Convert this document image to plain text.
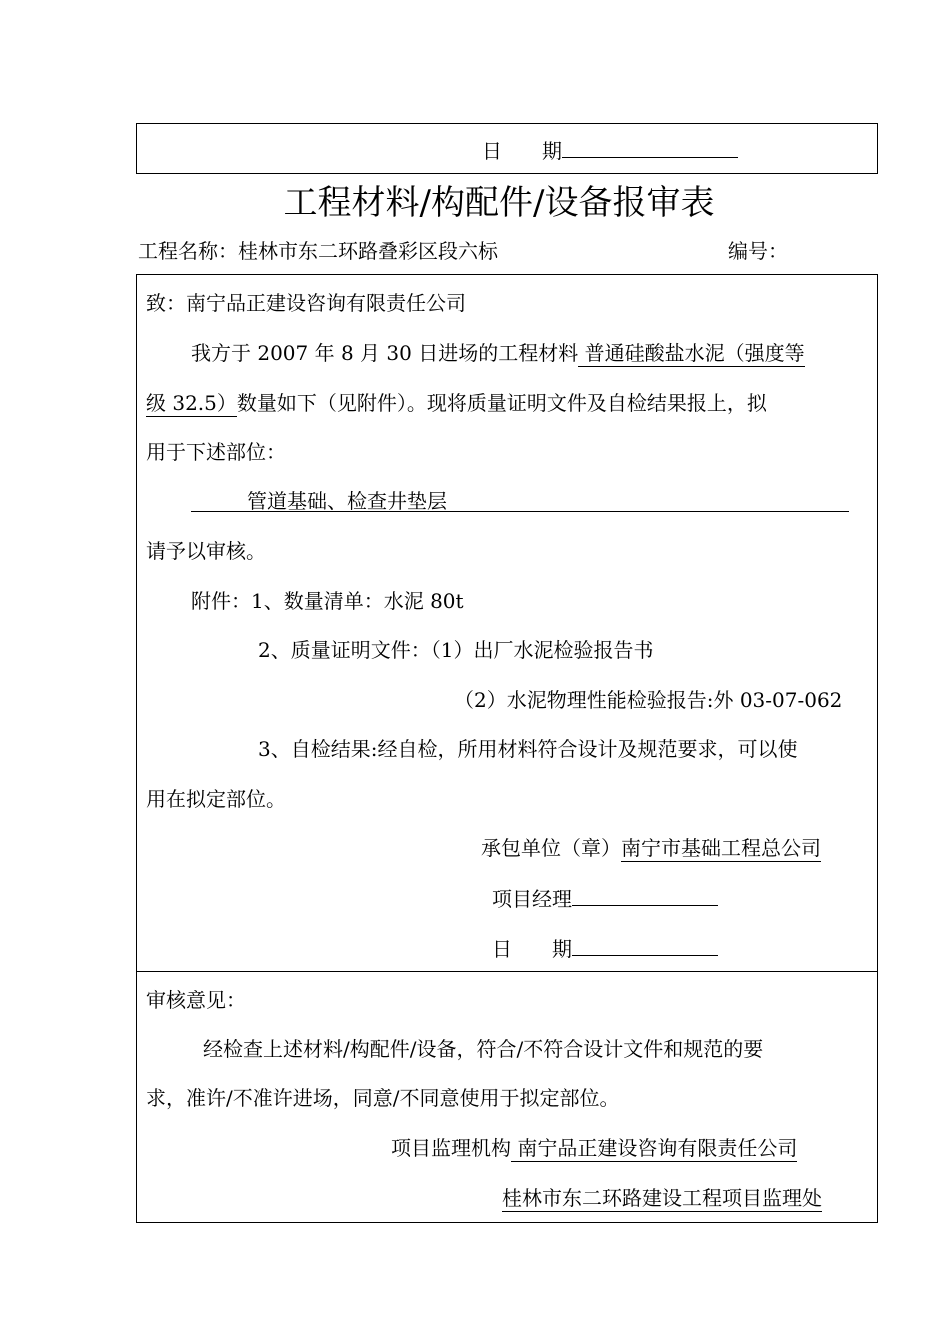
日　　期
工程材料/构配件/设备报审表
工程名称：桂林市东二环路叠彩区段六标	编号：
致：南宁品正建设咨询有限责任公司
我方于 2007 年 8 月 30 日进场的工程材料 普通硅酸盐水泥（强度等
级 32.5）数量如下（见附件）。现将质量证明文件及自检结果报上，拟
用于下述部位：
管道基础、检查井垫层
请予以审核。
附件：1、数量清单：水泥 80t
2、质量证明文件：（1）出厂水泥检验报告书
（2）水泥物理性能检验报告:外 03-07-062
3、自检结果:经自检，所用材料符合设计及规范要求，可以使
用在拟定部位。
承包单位（章）南宁市基础工程总公司
项目经理
日　　期
审核意见：
经检查上述材料/构配件/设备，符合/不符合设计文件和规范的要
求，准许/不准许进场，同意/不同意使用于拟定部位。
项目监理机构 南宁品正建设咨询有限责任公司
桂林市东二环路建设工程项目监理处
